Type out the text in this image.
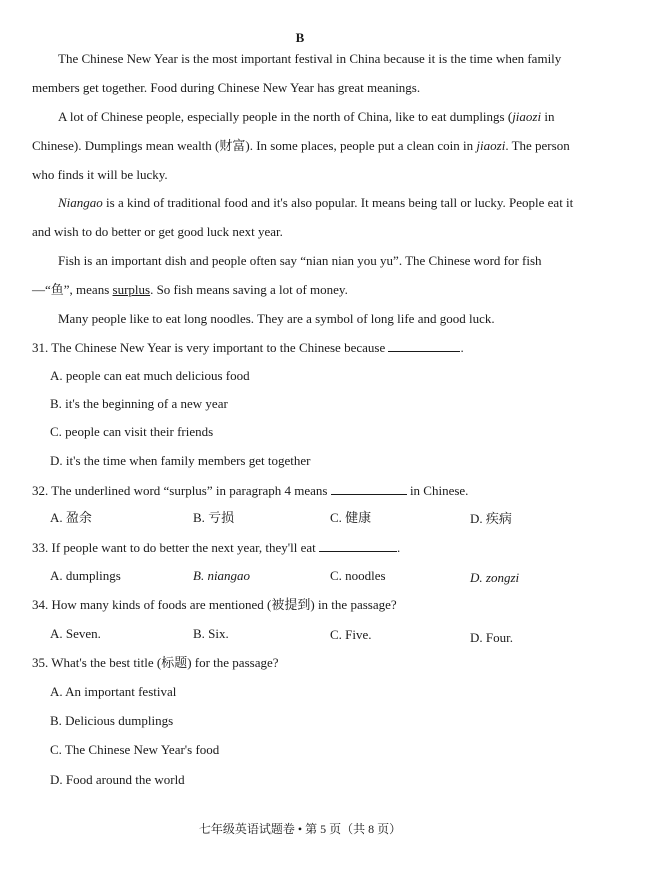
B

The Chinese New Year is the most important festival in China because it is the time when family members get together. Food during Chinese New Year has great meanings.

A lot of Chinese people, especially people in the north of China, like to eat dumplings (jiaozi in Chinese). Dumplings mean wealth (财富). In some places, people put a clean coin in jiaozi. The person who finds it will be lucky.

Niangao is a kind of traditional food and it's also popular. It means being tall or lucky. People eat it and wish to do better or get good luck next year.

Fish is an important dish and people often say “nian nian you yu”. The Chinese word for fish—“鱼”, means surplus. So fish means saving a lot of money.

Many people like to eat long noodles. They are a symbol of long life and good luck.

31. The Chinese New Year is very important to the Chinese because	.
A. people can eat much delicious food
B. it's the beginning of a new year
C. people can visit their friends
D. it's the time when family members get together
32. The underlined word “surplus” in paragraph 4 means	in Chinese.
A. 盈余	B. 亏损	C. 健康	D. 疾病
33. If people want to do better the next year, they'll eat	.
A. dumplings	B. niangao	C. noodles	D. zongzi
34. How many kinds of foods are mentioned (被提到) in the passage?
A. Seven.	B. Six.	C. Five.	D. Four.
35. What's the best title (标题) for the passage?
A. An important festival
B. Delicious dumplings
C. The Chinese New Year's food
D. Food around the world
七年级英语试题卷 • 第 5 页（共 8 页）
